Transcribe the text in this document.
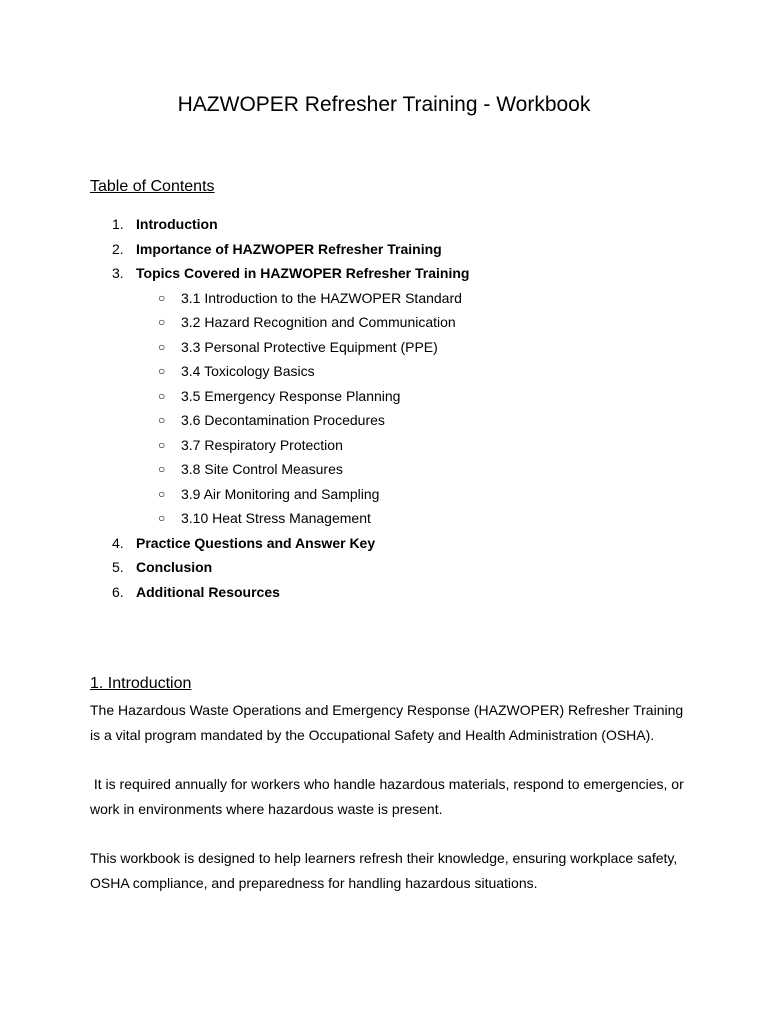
HAZWOPER Refresher Training - Workbook
Table of Contents
1. Introduction
2. Importance of HAZWOPER Refresher Training
3. Topics Covered in HAZWOPER Refresher Training
○	3.1 Introduction to the HAZWOPER Standard
○	3.2 Hazard Recognition and Communication
○	3.3 Personal Protective Equipment (PPE)
○	3.4 Toxicology Basics
○	3.5 Emergency Response Planning
○	3.6 Decontamination Procedures
○	3.7 Respiratory Protection
○	3.8 Site Control Measures
○	3.9 Air Monitoring and Sampling
○	3.10 Heat Stress Management
4. Practice Questions and Answer Key
5. Conclusion
6. Additional Resources
1. Introduction

The Hazardous Waste Operations and Emergency Response (HAZWOPER) Refresher Training is a vital program mandated by the Occupational Safety and Health Administration (OSHA).

It is required annually for workers who handle hazardous materials, respond to emergencies, or work in environments where hazardous waste is present.

This workbook is designed to help learners refresh their knowledge, ensuring workplace safety, OSHA compliance, and preparedness for handling hazardous situations.
